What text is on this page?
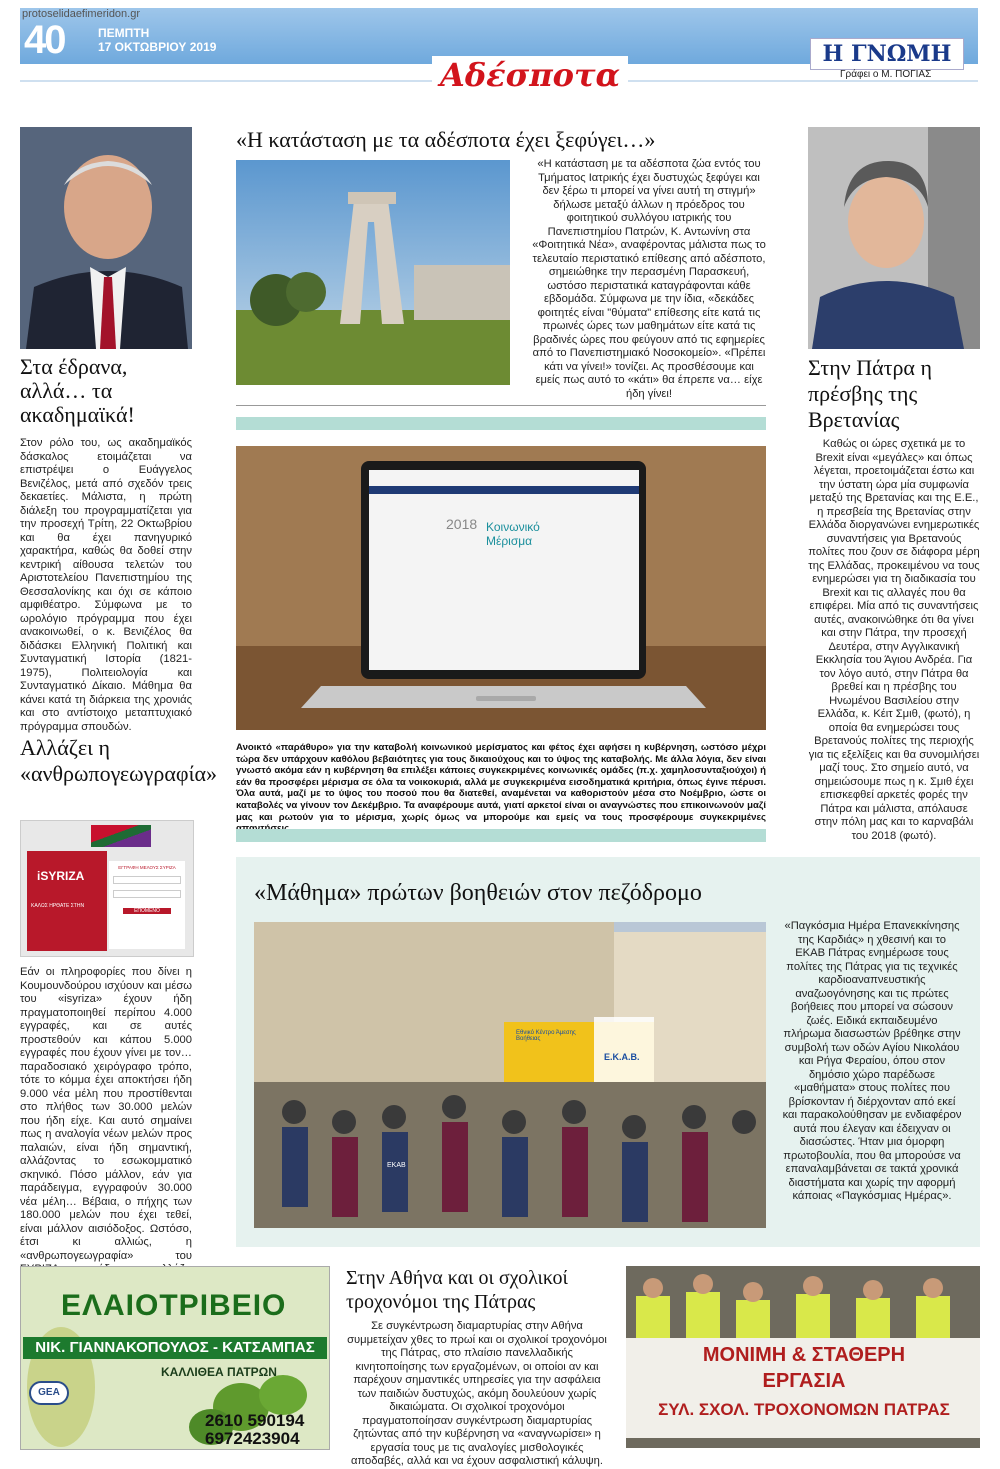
protoselidaefimeridon.gr
40	ΠΕΜΠΤΗ
17 ΟΚΤΩΒΡΙΟΥ 2019	Η ΓΝΩΜΗ
Γράφει ο Μ. ΠΟΓΙΑΣ
Αδέσποτα
Στα έδρανα, αλλά… τα ακαδημαϊκά!
Στον ρόλο του, ως ακαδημαϊκός δάσκαλος ετοιμάζεται να επιστρέψει ο Ευάγγελος Βενιζέλος, μετά από σχεδόν τρεις δεκαετίες. Μάλιστα, η πρώτη διάλεξη του προγραμματίζεται για την προσεχή Τρίτη, 22 Οκτωβρίου και θα έχει πανηγυρικό χαρακτήρα, καθώς θα δοθεί στην κεντρική αίθουσα τελετών του Αριστοτελείου Πανεπιστημίου της Θεσσαλονίκης και όχι σε κάποιο αμφιθέατρο. Σύμφωνα με το ωρολόγιο πρόγραμμα που έχει ανακοινωθεί, ο κ. Βενιζέλος θα διδάσκει Ελληνική Πολιτική και Συνταγματική Ιστορία (1821-1975), Πολιτειολογία και Συνταγματικό Δίκαιο. Μάθημα θα κάνει κατά τη διάρκεια της χρονιάς και στο αντίστοιχο μεταπτυχιακό πρόγραμμα σπουδών.
Αλλάζει η «ανθρωπογεωγραφία»
iSYRIZA
ΚΑΛΩΣ ΗΡΘΑΤΕ ΣΤΗΝ
ΕΓΓΡΑΦΗ ΜΕΛΟΥΣ ΣΥΡΙΖΑ
ΕΠΟΜΕΝΟ
Εάν οι πληροφορίες που δίνει η Κουμουνδούρου ισχύουν και μέσω του «isyriza» έχουν ήδη πραγματοποιηθεί περίπου 4.000 εγγραφές, και σε αυτές προστεθούν και κάπου 5.000 εγγραφές που έχουν γίνει με τον… παραδοσιακό χειρόγραφο τρόπο, τότε το κόμμα έχει αποκτήσει ήδη 9.000 νέα μέλη που προστίθενται στο πλήθος των 30.000 μελών που ήδη είχε. Και αυτό σημαίνει πως η αναλογία νέων μελών προς παλαιών, είναι ήδη σημαντική, αλλάζοντας το εσωκομματικό σκηνικό. Πόσο μάλλον, εάν για παράδειγμα, εγγραφούν 30.000 νέα μέλη… Βέβαια, ο πήχης των 180.000 μελών που έχει τεθεί, είναι μάλλον αισιόδοξος. Ωστόσο, έτσι κι αλλιώς, η «ανθρωπογεωγραφία» του
«Η κατάσταση με τα αδέσποτα έχει ξεφύγει…»
«Η κατάσταση με τα αδέσποτα ζώα εντός του Τμήματος Ιατρικής έχει δυστυχώς ξεφύγει και δεν ξέρω τι μπορεί να γίνει αυτή τη στιγμή» δήλωσε μεταξύ άλλων η πρόεδρος του φοιτητικού συλλόγου ιατρικής του Πανεπιστημίου Πατρών, Κ. Αντωνίνη στα «Φοιτητικά Νέα», αναφέροντας μάλιστα πως το τελευταίο περιστατικό επίθεσης από αδέσποτο, σημειώθηκε την περασμένη Παρασκευή, ωστόσο περιστατικά καταγράφονται κάθε εβδομάδα. Σύμφωνα με την ίδια, «δεκάδες φοιτητές είναι "θύματα" επίθεσης είτε κατά τις πρωινές ώρες των μαθημάτων είτε κατά τις βραδινές ώρες που φεύγουν από τις εφημερίες από το Πανεπιστημιακό Νοσοκομείο». «Πρέπει κάτι να γίνει!» τονίζει. Ας προσθέσουμε και εμείς πως αυτό το «κάτι» θα έπρεπε να… είχε ήδη γίνει!
2018 Κοινωνικό Μέρισμα
Ανοικτό «παράθυρο» για την καταβολή κοινωνικού μερίσματος και φέτος έχει αφήσει η κυβέρνηση, ωστόσο μέχρι τώρα δεν υπάρχουν καθόλου βεβαιότητες για τους δικαιούχους και το ύψος της καταβολής. Με άλλα λόγια, δεν είναι γνωστό ακόμα εάν η κυβέρνηση θα επιλέξει κάποιες συγκεκριμένες κοινωνικές ομάδες (π.χ. χαμηλοσυνταξιούχοι) ή εάν θα προσφέρει μέρισμα σε όλα τα νοικοκυριά, αλλά με συγκεκριμένα εισοδηματικά κριτήρια, όπως έγινε πέρυσι. Όλα αυτά, μαζί με το ύψος του ποσού που θα διατεθεί, αναμένεται να καθοριστούν μέσα στο Νοέμβριο, ώστε οι καταβολές να γίνουν τον Δεκέμβριο. Τα αναφέρουμε αυτά, γιατί αρκετοί είναι οι αναγνώστες που επικοινωνούν μαζί μας και ρωτούν για το μέρισμα, χωρίς όμως να μπορούμε και εμείς να τους προσφέρουμε συγκεκριμένες
Στην Πάτρα η πρέσβης της Βρετανίας
Καθώς οι ώρες σχετικά με το Brexit είναι «μεγάλες» και όπως λέγεται, προετοιμάζεται έστω και την ύστατη ώρα μία συμφωνία μεταξύ της Βρετανίας και της Ε.Ε., η πρεσβεία της Βρετανίας στην Ελλάδα διοργανώνει ενημερωτικές συναντήσεις για Βρετανούς πολίτες που ζουν σε διάφορα μέρη της Ελλάδας, προκειμένου να τους ενημερώσει για τη διαδικασία του Brexit και τις αλλαγές που θα επιφέρει. Μία από τις συναντήσεις αυτές, ανακοινώθηκε ότι θα γίνει και στην Πάτρα, την προσεχή Δευτέρα, στην Αγγλικανική Εκκλησία του Άγιου Ανδρέα. Για τον λόγο αυτό, στην Πάτρα θα βρεθεί και η πρέσβης του Ηνωμένου Βασιλείου στην Ελλάδα, κ. Κέιτ Σμιθ, (φωτό), η οποία θα ενημερώσει τους Βρετανούς πολίτες της περιοχής για τις εξελίξεις και θα συνομιλήσει μαζί τους. Στο σημείο αυτό, να σημειώσουμε πως η κ. Σμιθ έχει επισκεφθεί αρκετές φορές την Πάτρα και μάλιστα, απόλαυσε στην πόλη μας και το καρναβάλι του 2018 (φωτό).
«Μάθημα» πρώτων βοηθειών στον πεζόδρομο
Εθνικό Κέντρο Άμεσης Βοήθειας
Ε.Κ.Α.Β.
ΕΚΑΒ
«Παγκόσμια Ημέρα Επανεκκίνησης της Καρδιάς» η χθεσινή και το ΕΚΑΒ Πάτρας ενημέρωσε τους πολίτες της Πάτρας για τις τεχνικές καρδιοαναπνευστικής αναζωογόνησης και τις πρώτες βοήθειες που μπορεί να σώσουν ζωές. Ειδικά εκπαιδευμένο πλήρωμα διασωστών βρέθηκε στην συμβολή των οδών Αγίου Νικολάου και Ρήγα Φεραίου, όπου στον δημόσιο χώρο παρέδωσε «μαθήματα» στους πολίτες που βρίσκονταν ή διέρχονταν από εκεί και παρακολούθησαν με ενδιαφέρον αυτά που έλεγαν και έδειχναν οι διασώστες. Ήταν μια όμορφη πρωτοβουλία, που θα μπορούσε να επαναλαμβάνεται σε τακτά χρονικά διαστήματα και χωρίς την αφορμή κάποιας «Παγκόσμιας Ημέρας».
ΕΛΑΙΟΤΡΙΒΕΙΟ
ΝΙΚ. ΓΙΑΝΝΑΚΟΠΟΥΛΟΣ - ΚΑΤΣΑΜΠΑΣ
ΚΑΛΛΙΘΕΑ ΠΑΤΡΩΝ
GEA
2610 590194
6972423904
Στην Αθήνα και οι σχολικοί τροχονόμοι της Πάτρας
Σε συγκέντρωση διαμαρτυρίας στην Αθήνα συμμετείχαν χθες το πρωί και οι σχολικοί τροχονόμοι της Πάτρας, στο πλαίσιο πανελλαδικής κινητοποίησης των εργαζομένων, οι οποίοι αν και παρέχουν σημαντικές υπηρεσίες για την ασφάλεια των παιδιών δυστυχώς, ακόμη δουλεύουν χωρίς δικαιώματα. Οι σχολικοί τροχονόμοι πραγματοποίησαν συγκέντρωση διαμαρτυρίας ζητώντας από την κυβέρνηση να «αναγνωρίσει» η εργασία τους με τις αναλογίες μισθολογικές αποδαβές, αλλά και να έχουν ασφαλιστική κάλυψη.
ΜΟΝΙΜΗ & ΣΤΑΘΕΡΗ
ΕΡΓΑΣΙΑ
ΣΥΛ. ΣΧΟΛ. ΤΡΟΧΟΝΟΜΩΝ ΠΑΤΡΑΣ
